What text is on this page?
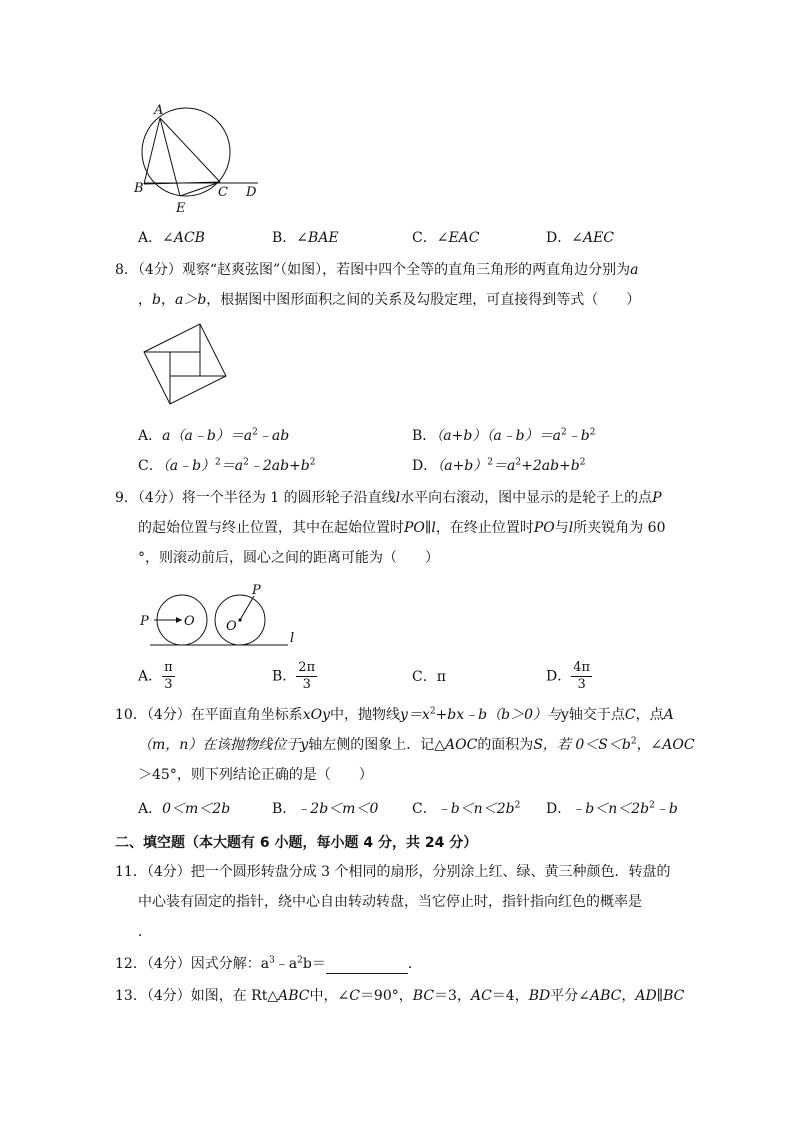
A
B	C D
E
A．∠ACB	B．∠BAE	C．∠EAC	D．∠AEC
8．（4分）观察“赵爽弦图”（如图），若图中四个全等的直角三角形的两直角边分别为a
，b，a＞b，根据图中图形面积之间的关系及勾股定理，可直接得到等式（　　）
A．$a(a﹣b)=a^2﹣ab$	B．$(a+b)(a﹣b)=a^2﹣b^2$
C．$(a﹣b)^2=a^2﹣2ab+b^2$	D．$(a+b)^2=a^2+2ab+b^2$
9．（4分）将一个半径为 1 的圆形轮子沿直线l水平向右滚动，图中显示的是轮子上的点P
的起始位置与终止位置，其中在起始位置时PO∥l，在终止位置时PO与l所夹锐角为 60
°，则滚动前后，圆心之间的距离可能为（　　）
P	O
P
O
l
A． $\frac{\pi}{3}$	B． $\frac{2\pi}{3}$	C．π	D． $\frac{4\pi}{3}$
10．（4分）在平面直角坐标系xOy中，抛物线$y=x^2+bx﹣b(b>0)$与y轴交于点C，点A
（m，n）在该抛物线位于y轴左侧的图象上．记△AOC的面积为S，若 $0<S<b^2$，∠AOC
＞45°，则下列结论正确的是（　　）
A．0＜m＜2b	B．﹣2b＜m＜0 C．$﹣b<n<2b^2$ D．$﹣b<n<2b^2﹣b$
二、填空题（本大题有 6 小题，每小题 4 分，共 24 分）
11．（4分）把一个圆形转盘分成 3 个相同的扇形，分别涂上红、绿、黄三种颜色．转盘的
中心装有固定的指针，绕中心自由转动转盘，当它停止时，指针指向红色的概率是
．
12．（4分）因式分解：$a^3﹣a^2b=$	．
13．（4分）如图，在 Rt△ABC中，∠C＝90°，BC＝3，AC＝4，BD平分∠ABC，AD∥BC
